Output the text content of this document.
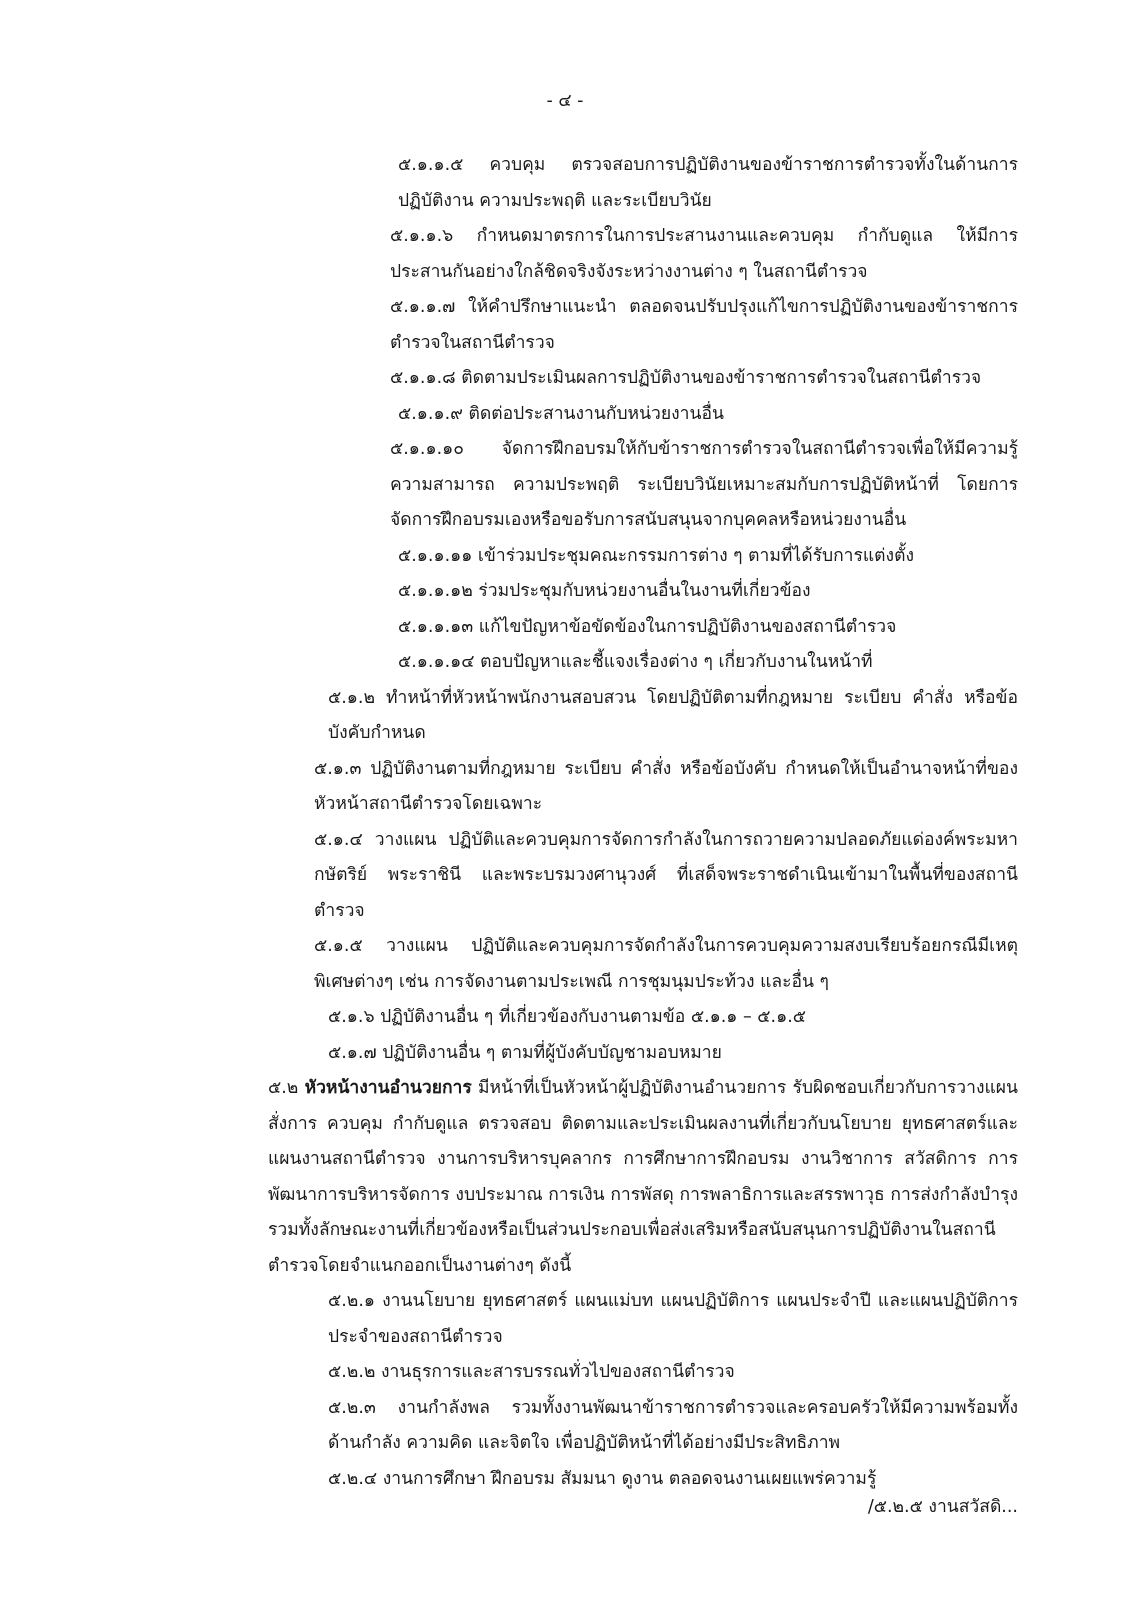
- ๔ -

๕.๑.๑.๕ ควบคุม ตรวจสอบการปฏิบัติงานของข้าราชการตำรวจทั้งในด้านการปฏิบัติงาน ความประพฤติ และระเบียบวินัย

๕.๑.๑.๖ กำหนดมาตรการในการประสานงานและควบคุม กำกับดูแล ให้มีการประสานกันอย่างใกล้ชิดจริงจังระหว่างงานต่าง ๆ ในสถานีตำรวจ

๕.๑.๑.๗ ให้คำปรึกษาแนะนำ ตลอดจนปรับปรุงแก้ไขการปฏิบัติงานของข้าราชการตำรวจในสถานีตำรวจ

๕.๑.๑.๘ ติดตามประเมินผลการปฏิบัติงานของข้าราชการตำรวจในสถานีตำรวจ

๕.๑.๑.๙ ติดต่อประสานงานกับหน่วยงานอื่น

๕.๑.๑.๑๐ จัดการฝึกอบรมให้กับข้าราชการตำรวจในสถานีตำรวจเพื่อให้มีความรู้ ความสามารถ ความประพฤติ ระเบียบวินัยเหมาะสมกับการปฏิบัติหน้าที่ โดยการจัดการฝึกอบรมเองหรือขอรับการสนับสนุนจากบุคคลหรือหน่วยงานอื่น

๕.๑.๑.๑๑ เข้าร่วมประชุมคณะกรรมการต่าง ๆ ตามที่ได้รับการแต่งตั้ง

๕.๑.๑.๑๒ ร่วมประชุมกับหน่วยงานอื่นในงานที่เกี่ยวข้อง

๕.๑.๑.๑๓ แก้ไขปัญหาข้อขัดข้องในการปฏิบัติงานของสถานีตำรวจ

๕.๑.๑.๑๔ ตอบปัญหาและชี้แจงเรื่องต่าง ๆ เกี่ยวกับงานในหน้าที่

๕.๑.๒ ทำหน้าที่หัวหน้าพนักงานสอบสวน โดยปฏิบัติตามที่กฎหมาย ระเบียบ คำสั่ง หรือข้อบังคับกำหนด

๕.๑.๓ ปฏิบัติงานตามที่กฎหมาย ระเบียบ คำสั่ง หรือข้อบังคับ กำหนดให้เป็นอำนาจหน้าที่ของหัวหน้าสถานีตำรวจโดยเฉพาะ

๕.๑.๔ วางแผน ปฏิบัติและควบคุมการจัดการกำลังในการถวายความปลอดภัยแด่องค์พระมหากษัตริย์ พระราชินี และพระบรมวงศานุวงศ์ ที่เสด็จพระราชดำเนินเข้ามาในพื้นที่ของสถานีตำรวจ

๕.๑.๕ วางแผน ปฏิบัติและควบคุมการจัดกำลังในการควบคุมความสงบเรียบร้อยกรณีมีเหตุพิเศษต่างๆ เช่น การจัดงานตามประเพณี การชุมนุมประท้วง และอื่น ๆ

๕.๑.๖ ปฏิบัติงานอื่น ๆ ที่เกี่ยวข้องกับงานตามข้อ ๕.๑.๑ – ๕.๑.๕

๕.๑.๗ ปฏิบัติงานอื่น ๆ ตามที่ผู้บังคับบัญชามอบหมาย

๕.๒ หัวหน้างานอำนวยการ มีหน้าที่เป็นหัวหน้าผู้ปฏิบัติงานอำนวยการ รับผิดชอบเกี่ยวกับการวางแผน สั่งการ ควบคุม กำกับดูแล ตรวจสอบ ติดตามและประเมินผลงานที่เกี่ยวกับนโยบาย ยุทธศาสตร์และแผนงานสถานีตำรวจ งานการบริหารบุคลากร การศึกษาการฝึกอบรม งานวิชาการ สวัสดิการ การพัฒนาการบริหารจัดการ งบประมาณ การเงิน การพัสดุ การพลาธิการและสรรพาวุธ การส่งกำลังบำรุง รวมทั้งลักษณะงานที่เกี่ยวข้องหรือเป็นส่วนประกอบเพื่อส่งเสริมหรือสนับสนุนการปฏิบัติงานในสถานีตำรวจโดยจำแนกออกเป็นงานต่างๆ ดังนี้

๕.๒.๑ งานนโยบาย ยุทธศาสตร์ แผนแม่บท แผนปฏิบัติการ แผนประจำปี และแผนปฏิบัติการประจำของสถานีตำรวจ

๕.๒.๒ งานธุรการและสารบรรณทั่วไปของสถานีตำรวจ

๕.๒.๓ งานกำลังพล รวมทั้งงานพัฒนาข้าราชการตำรวจและครอบครัวให้มีความพร้อมทั้งด้านกำลัง ความคิด และจิตใจ เพื่อปฏิบัติหน้าที่ได้อย่างมีประสิทธิภาพ

๕.๒.๔ งานการศึกษา ฝึกอบรม สัมมนา ดูงาน ตลอดจนงานเผยแพร่ความรู้

/๕.๒.๕ งานสวัสดิ...
